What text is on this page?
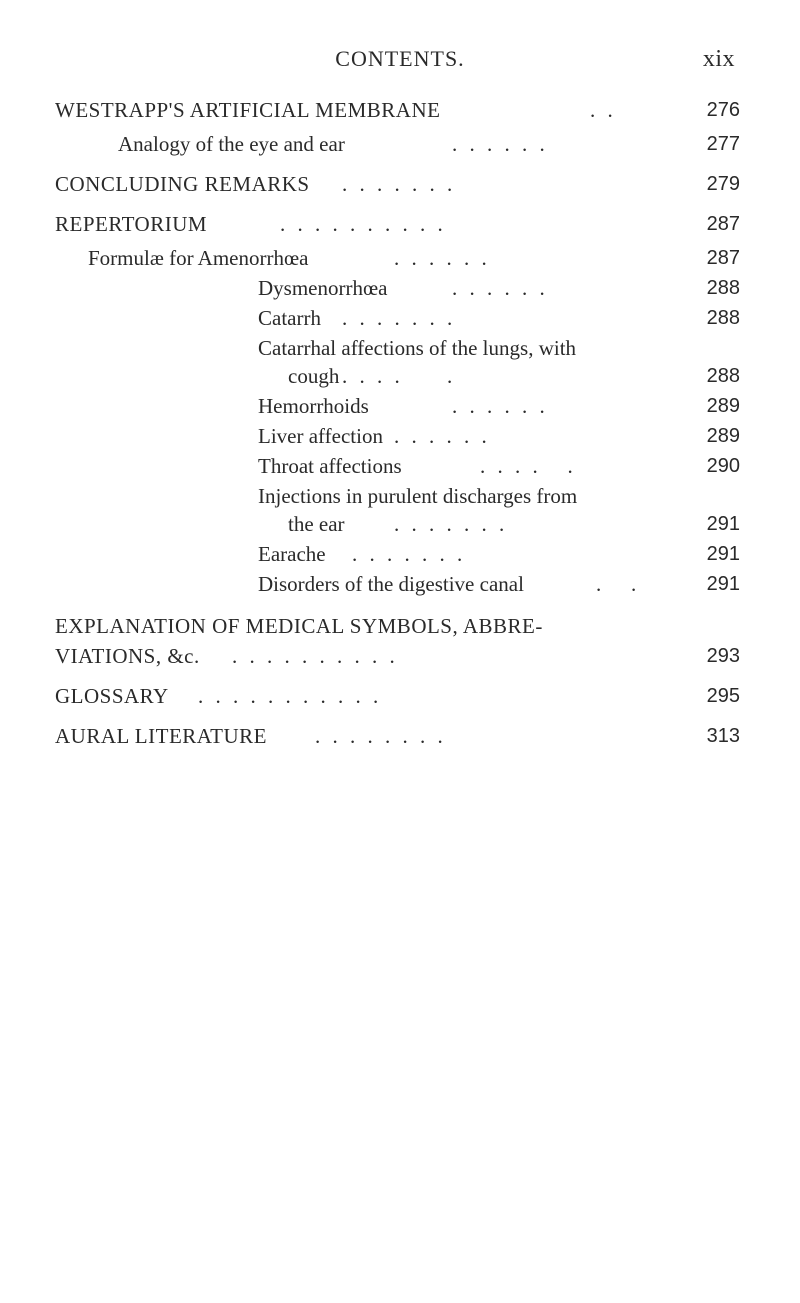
CONTENTS.	xix
WESTRAPP'S ARTIFICIAL MEMBRANE	. .	276
Analogy of the eye and ear	. . . . . .	277
CONCLUDING REMARKS . . . . . . .	279
REPERTORIUM	. . . . . . . . . .	287
Formulæ for Amenorrhœa	. . . . . .	287
Dysmenorrhœa	. . . . . .	288
Catarrh . . . . . . .	288
Catarrhal affections of the lungs, with
cough . . . .     .	288
Hemorrhoids	. . . . . .	289
Liver affection . . . . . .	289
Throat affections	. . . .   .	290
Injections in purulent discharges from
the ear . . . . . . .	291
Earache . . . . . . .	291
Disorders of the digestive canal	.   .	291
EXPLANATION OF MEDICAL SYMBOLS, ABBRE-
VIATIONS, &c. . . . . . . . . . .	293
GLOSSARY . . . . . . . . . . .	295
AURAL LITERATURE . . . . . . . .	313
